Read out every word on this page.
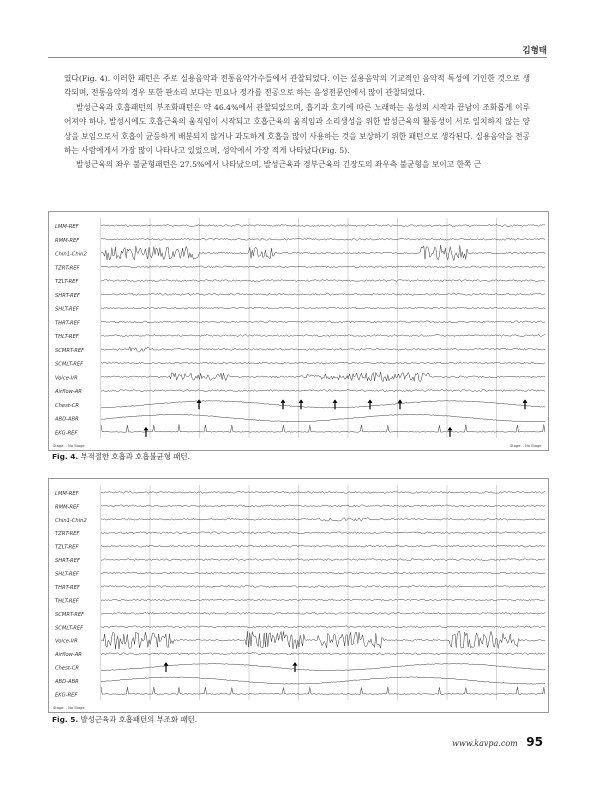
김형태

였다(Fig. 4). 이러한 패턴은 주로 실용음악과 전통음악가수들에서 관찰되었다. 이는 실용음악의 기교적인 음악적 특성에 기인한 것으로 생각되며, 전통음악의 경우 또한 판소리 보다는 민요나 정가를 전공으로 하는 음성전문인에서 많이 관찰되었다.

발성근육과 호흡패턴의 부조화패턴은 약 46.4%에서 관찰되었으며, 흡기과 호기에 따른 노래하는 음성의 시작과 끝남이 조화롭게 이루어져야 하나, 발성시에도 호흡근육의 움직임이 시작되고 호흡근육의 움직임과 소리생성을 위한 발성근육의 활동성이 서로 일치하지 않는 양상을 보임으로서 호흡이 균등하게 배분되지 않거나 과도하게 호흡을 많이 사용하는 것을 보상하기 위한 패턴으로 생각된다. 실용음악을 전공하는 사람에게서 가장 많이 나타나고 있었으며, 성악에서 가장 적게 나타났다(Fig. 5).

발성근육의 좌우 불균형패턴은 27.5%에서 나타났으며, 발성근육과 경부근육의 긴장도의 좌우측 불균형을 보이고 한쪽 근

LMM-REF
RMM-REF
Chin1-Chin2
TZRT-REF
TZLT-REF
SHRT-REF
SHLT-REF
THRT-REF
THLT-REF
SCMRT-REF
SCMLT-REF
Voice-VR
Airflow-AR
Chest-CR
ABD-ABR
EKG-REF
Stage: - No Stage	Stage: - No Stage
Fig. 4. 부적절한 호흡과 호흡불균형 패턴.
LMM-REF
RMM-REF
Chin1-Chin2
TZRT-REF
TZLT-REF
SHRT-REF
SHLT-REF
THRT-REF
THLT-REF
SCMRT-REF
SCMLT-REF
Voice-VR
Airflow-AR
Chest-CR
ABD-ABR
EKG-REF
Stage: - No Stage
Fig. 5. 발성근육과 호흡패턴의 부조화 패턴.
www.kavpa.com 95
